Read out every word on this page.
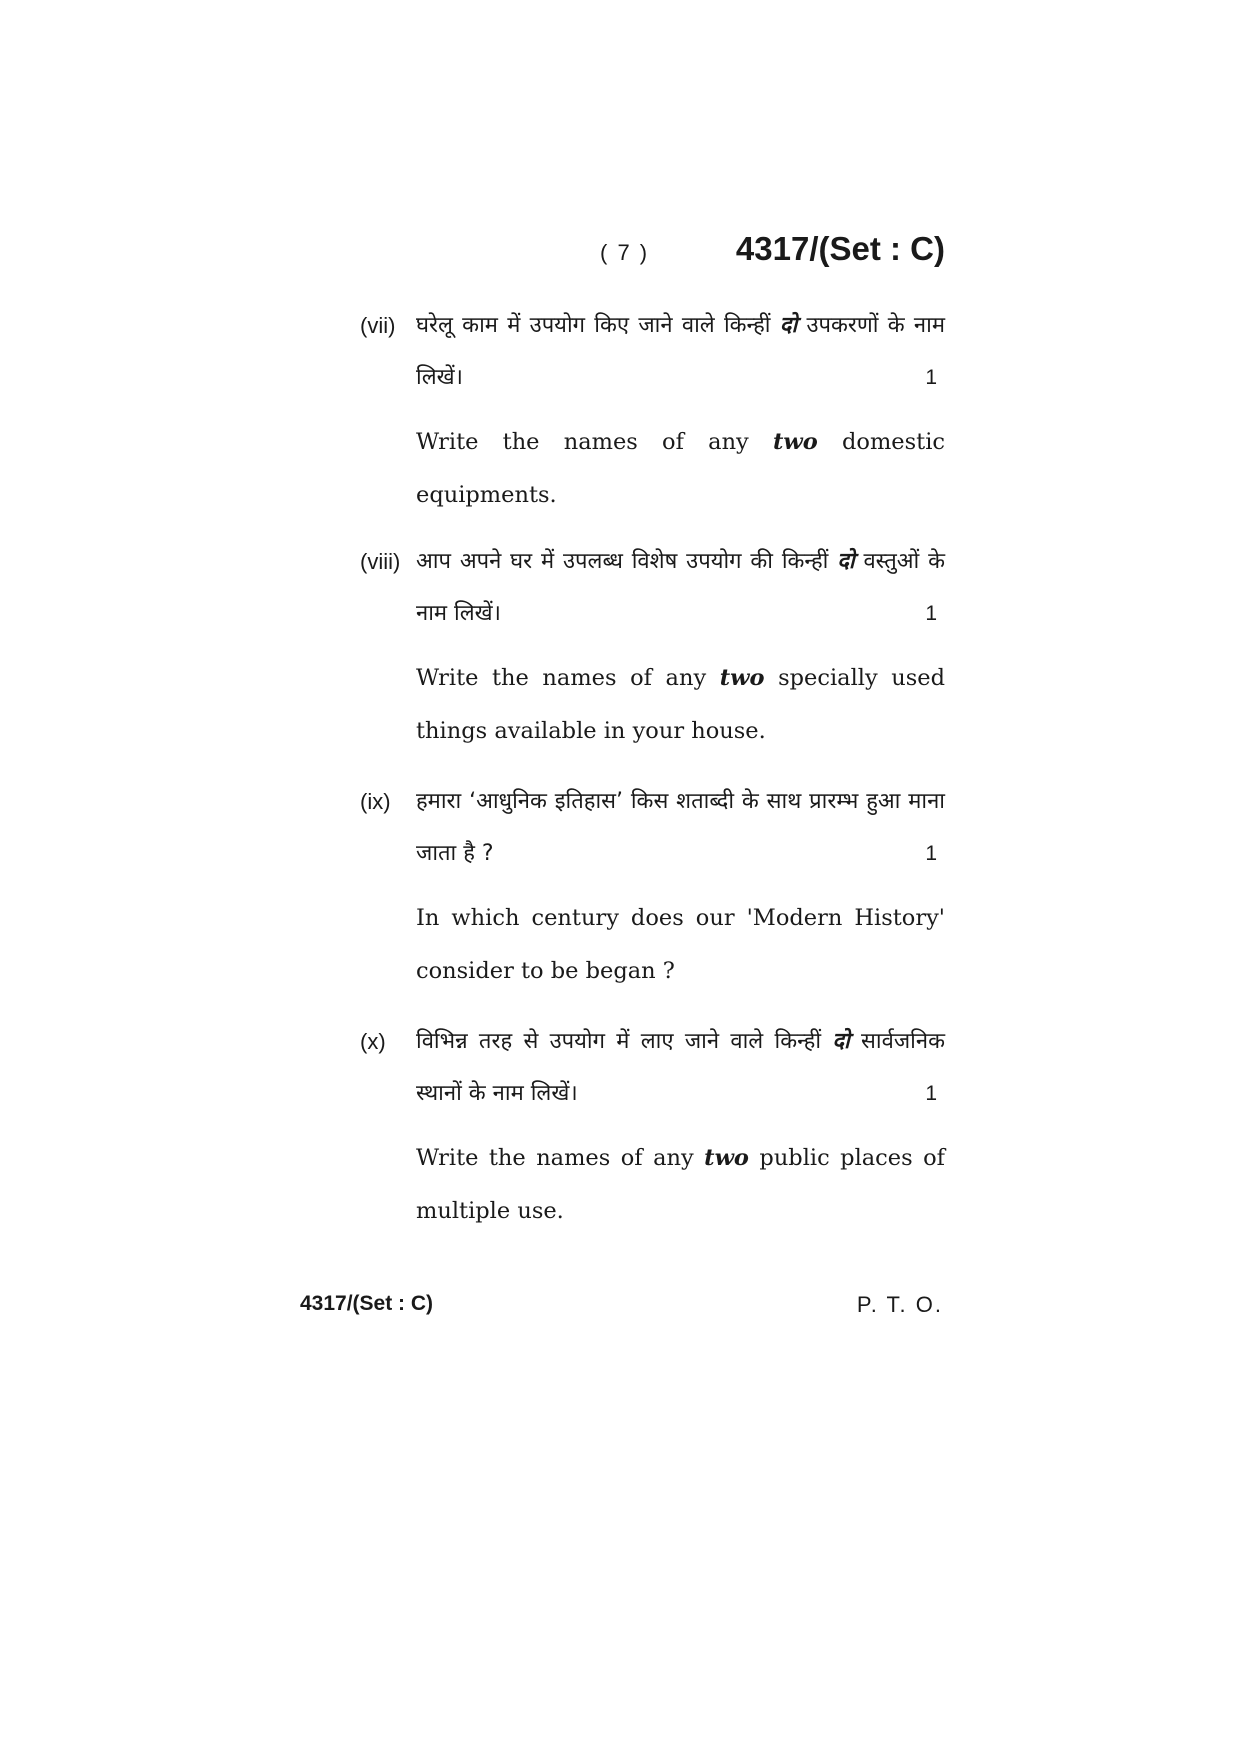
( 7 )	4317/(Set : C)
(vii) घरेलू काम में उपयोग किए जाने वाले किन्हीं दो उपकरणों के नाम लिखें।	1

Write the names of any two domestic equipments.

(viii) आप अपने घर में उपलब्ध विशेष उपयोग की किन्हीं दो वस्तुओं के नाम लिखें।	1

Write the names of any two specially used things available in your house.

(ix) हमारा ‘आधुनिक इतिहास’ किस शताब्दी के साथ प्रारम्भ हुआ माना जाता है ?	1

In which century does our 'Modern History' consider to be began ?

(x) विभिन्न तरह से उपयोग में लाए जाने वाले किन्हीं दो सार्वजनिक स्थानों के नाम लिखें।	1

Write the names of any two public places of multiple use.

4317/(Set : C)	P. T. O.
